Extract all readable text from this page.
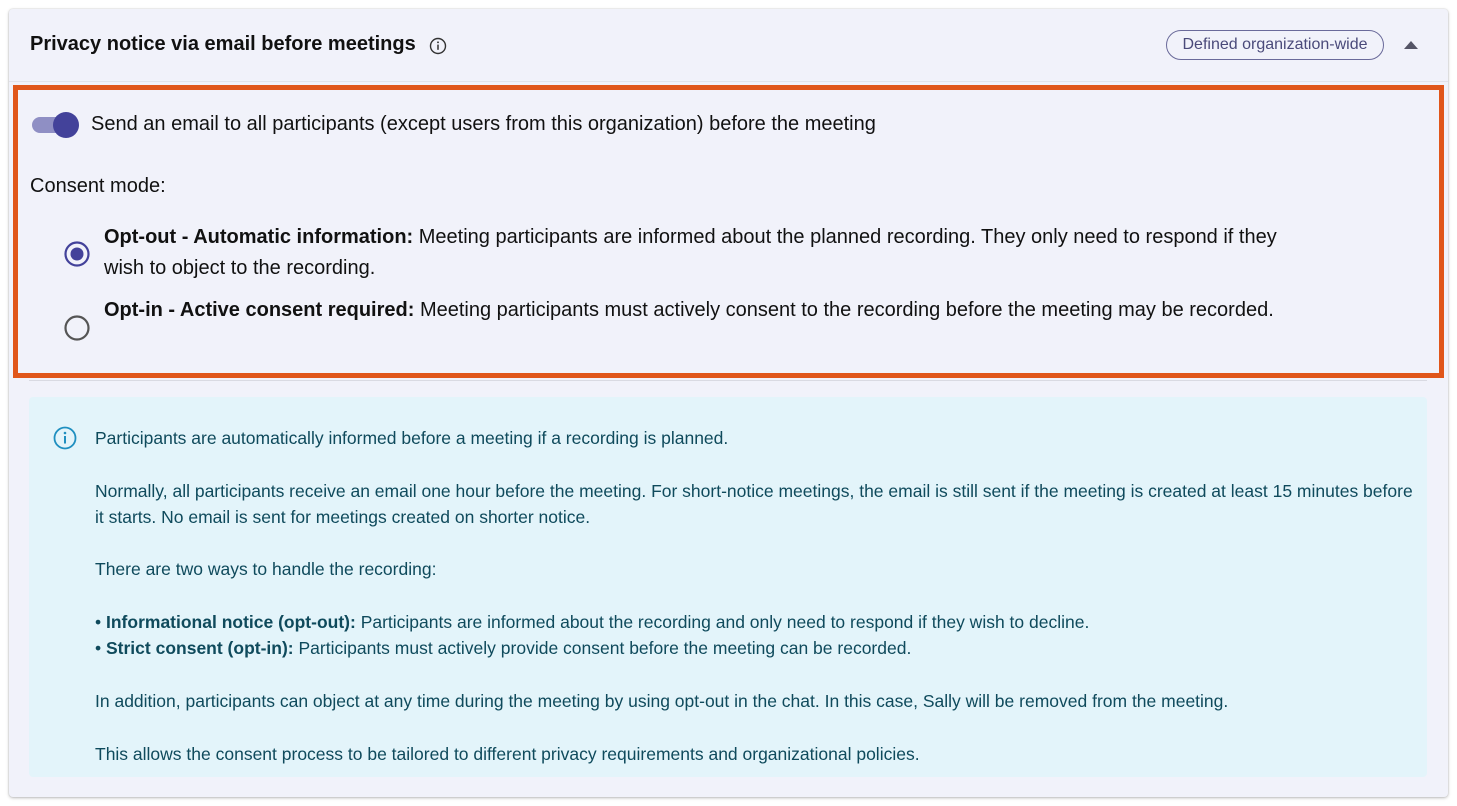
Privacy notice via email before meetings	Defined organization-wide
Send an email to all participants (except users from this organization) before the meeting
Consent mode:
Opt-out - Automatic information: Meeting participants are informed about the planned recording. They only need to respond if they wish to object to the recording.
Opt-in - Active consent required: Meeting participants must actively consent to the recording before the meeting may be recorded.

Participants are automatically informed before a meeting if a recording is planned.

Normally, all participants receive an email one hour before the meeting. For short-notice meetings, the email is still sent if the meeting is created at least 15 minutes before it starts. No email is sent for meetings created on shorter notice.

There are two ways to handle the recording:

• Informational notice (opt-out): Participants are informed about the recording and only need to respond if they wish to decline.

• Strict consent (opt-in): Participants must actively provide consent before the meeting can be recorded.

In addition, participants can object at any time during the meeting by using opt-out in the chat. In this case, Sally will be removed from the meeting.

This allows the consent process to be tailored to different privacy requirements and organizational policies.
